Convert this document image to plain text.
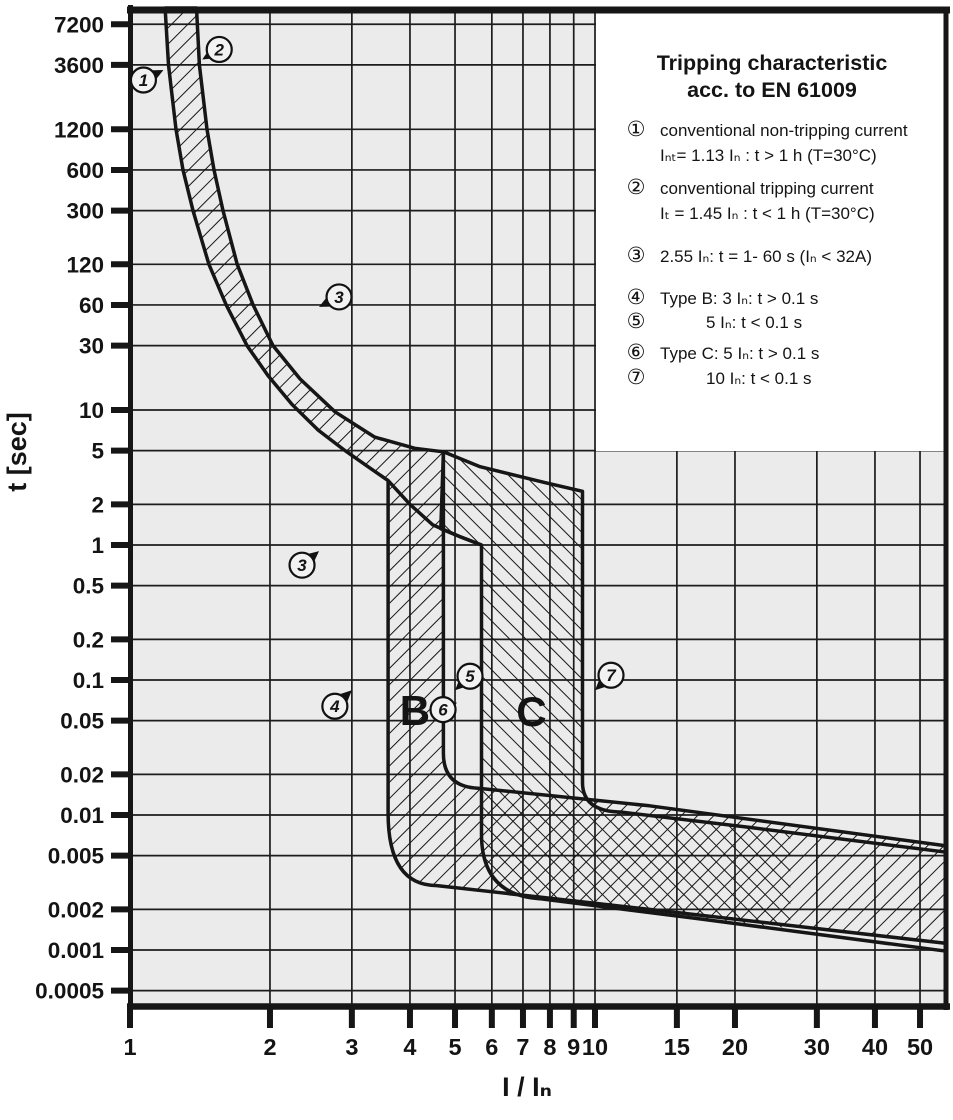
Tripping characteristic
acc. to EN 61009
① conventional non-tripping current
Iₙₜ= 1.13 Iₙ : t > 1 h (T=30°C)
② conventional tripping current
Iₜ = 1.45 Iₙ : t < 1 h (T=30°C)
③ 2.55 Iₙ: t = 1- 60 s (Iₙ < 32A)
④ Type B: 3 Iₙ: t > 0.1 s
⑤	5 Iₙ: t < 0.1 s
⑥ Type C: 5 Iₙ: t > 0.1 s
⑦	10 Iₙ: t < 0.1 s
7200
3600
1200
600
300
120
60
30
10
5
2
1
0.5
0.2
0.1
0.05
0.02
0.01
0.005
0.002
0.001
0.0005
1	2	3 4 5 6 7 8 9 10 15 20 30 40 50
t [sec]
I / Iₙ
B C
1
2
3
3
4
5
6
7
